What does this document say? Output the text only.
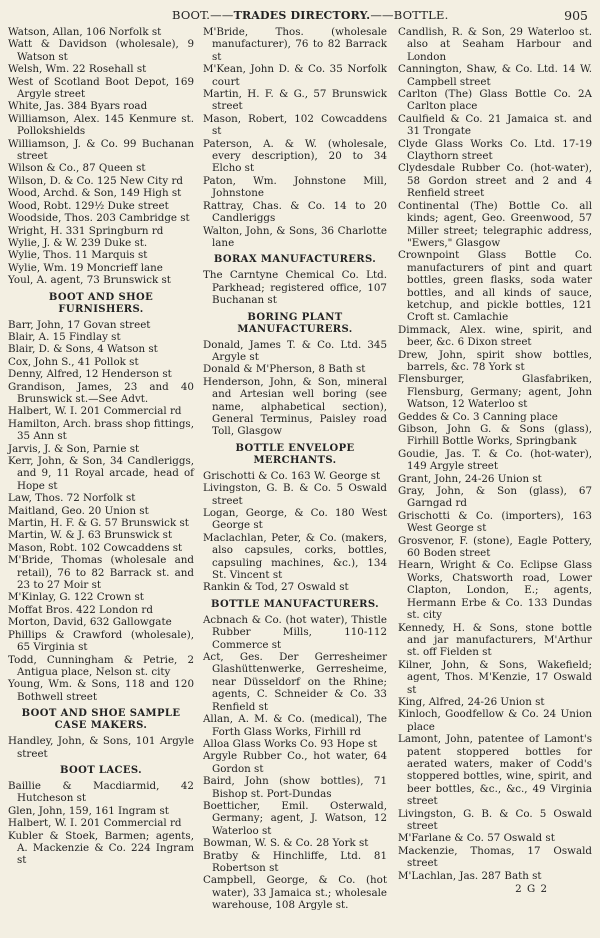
BOOT.——TRADES DIRECTORY.——BOTTLE.	905
Watson, Allan, 106 Norfolk st
Watt & Davidson (wholesale), 9 Watson st
Welsh, Wm. 22 Rosehall st
West of Scotland Boot Depot, 169 Argyle street
White, Jas. 384 Byars road
Williamson, Alex. 145 Kenmure st. Pollokshields
Williamson, J. & Co. 99 Buchanan street
Wilson & Co., 87 Queen st
Wilson, D. & Co. 125 New City rd
Wood, Archd. & Son, 149 High st
Wood, Robt. 129½ Duke street
Woodside, Thos. 203 Cambridge st
Wright, H. 331 Springburn rd
Wylie, J. & W. 239 Duke st.
Wylie, Thos. 11 Marquis st
Wylie, Wm. 19 Moncrieff lane
Youl, A. agent, 73 Brunswick st
BOOT AND SHOE FURNISHERS.
Barr, John, 17 Govan street
Blair, A. 15 Findlay st
Blair, D. & Sons, 4 Watson st
Cox, John S., 41 Pollok st
Denny, Alfred, 12 Henderson st
Grandison, James, 23 and 40 Brunswick st.—See Advt.
Halbert, W. I. 201 Commercial rd
Hamilton, Arch. brass shop fittings, 35 Ann st
Jarvis, J. & Son, Parnie st
Kerr, John, & Son, 34 Candleriggs, and 9, 11 Royal arcade, head of Hope st
Law, Thos. 72 Norfolk st
Maitland, Geo. 20 Union st
Martin, H. F. & G. 57 Brunswick st
Martin, W. & J. 63 Brunswick st
Mason, Robt. 102 Cowcaddens st
M'Bride, Thomas (wholesale and retail), 76 to 82 Barrack st. and 23 to 27 Moir st
M'Kinlay, G. 122 Crown st
Moffat Bros. 422 London rd
Morton, David, 632 Gallowgate
Phillips & Crawford (wholesale), 65 Virginia st
Todd, Cunningham & Petrie, 2 Antigua place, Nelson st. city
Young, Wm. & Sons, 118 and 120 Bothwell street
BOOT AND SHOE SAMPLE CASE MAKERS.
Handley, John, & Sons, 101 Argyle street
BOOT LACES.
Baillie & Macdiarmid, 42 Hutcheson st
Glen, John, 159, 161 Ingram st
Halbert, W. I. 201 Commercial rd
Kubler & Stoek, Barmen; agents, A. Mackenzie & Co. 224 Ingram st
M'Bride, Thos. (wholesale manufacturer), 76 to 82 Barrack st
M'Kean, John D. & Co. 35 Norfolk court
Martin, H. F. & G., 57 Brunswick street
Mason, Robert, 102 Cowcaddens st
Paterson, A. & W. (wholesale, every description), 20 to 34 Elcho st
Paton, Wm. Johnstone Mill, Johnstone
Rattray, Chas. & Co. 14 to 20 Candleriggs
Walton, John, & Sons, 36 Charlotte lane
BORAX MANUFACTURERS.
The Carntyne Chemical Co. Ltd. Parkhead; registered office, 107 Buchanan st
BORING PLANT MANUFACTURERS.
Donald, James T. & Co. Ltd. 345 Argyle st
Donald & M'Pherson, 8 Bath st
Henderson, John, & Son, mineral and Artesian well boring (see name, alphabetical section), General Terminus, Paisley road Toll, Glasgow
BOTTLE ENVELOPE MERCHANTS.
Grischotti & Co. 163 W. George st
Livingston, G. B. & Co. 5 Oswald street
Logan, George, & Co. 180 West George st
Maclachlan, Peter, & Co. (makers, also capsules, corks, bottles, capsuling machines, &c.), 134 St. Vincent st
Rankin & Tod, 27 Oswald st
BOTTLE MANUFACTURERS.
Acbnach & Co. (hot water), Thistle Rubber Mills, 110-112 Commerce st
Act, Ges. Der Gerresheimer Glashüttenwerke, Gerresheime, near Düsseldorf on the Rhine; agents, C. Schneider & Co. 33 Renfield st
Allan, A. M. & Co. (medical), The Forth Glass Works, Firhill rd
Alloa Glass Works Co. 93 Hope st
Argyle Rubber Co., hot water, 64 Gordon st
Baird, John (show bottles), 71 Bishop st. Port-Dundas
Boetticher, Emil. Osterwald, Germany; agent, J. Watson, 12 Waterloo st
Bowman, W. S. & Co. 28 York st
Bratby & Hinchliffe, Ltd. 81 Robertson st
Campbell, George, & Co. (hot water), 33 Jamaica st.; wholesale warehouse, 108 Argyle st.
Candlish, R. & Son, 29 Waterloo st. also at Seaham Harbour and London
Cannington, Shaw, & Co. Ltd. 14 W. Campbell street
Carlton (The) Glass Bottle Co. 2A Carlton place
Caulfield & Co. 21 Jamaica st. and 31 Trongate
Clyde Glass Works Co. Ltd. 17-19 Claythorn street
Clydesdale Rubber Co. (hot-water), 58 Gordon street and 2 and 4 Renfield street
Continental (The) Bottle Co. all kinds; agent, Geo. Greenwood, 57 Miller street; telegraphic address, "Ewers," Glasgow
Crownpoint Glass Bottle Co. manufacturers of pint and quart bottles, green flasks, soda water bottles, and all kinds of sauce, ketchup, and pickle bottles, 121 Croft st. Camlachie
Dimmack, Alex. wine, spirit, and beer, &c. 6 Dixon street
Drew, John, spirit show bottles, barrels, &c. 78 York st
Flensburger, Glasfabriken, Flensburg, Germany; agent, John Watson, 12 Waterloo st
Geddes & Co. 3 Canning place
Gibson, John G. & Sons (glass), Firhill Bottle Works, Springbank
Goudie, Jas. T. & Co. (hot-water), 149 Argyle street
Grant, John, 24-26 Union st
Gray, John, & Son (glass), 67 Garngad rd
Grischotti & Co. (importers), 163 West George st
Grosvenor, F. (stone), Eagle Pottery, 60 Boden street
Hearn, Wright & Co. Eclipse Glass Works, Chatsworth road, Lower Clapton, London, E.; agents, Hermann Erbe & Co. 133 Dundas st. city
Kennedy, H. & Sons, stone bottle and jar manufacturers, M'Arthur st. off Fielden st
Kilner, John, & Sons, Wakefield; agent, Thos. M'Kenzie, 17 Oswald st
King, Alfred, 24-26 Union st
Kinloch, Goodfellow & Co. 24 Union place
Lamont, John, patentee of Lamont's patent stoppered bottles for aerated waters, maker of Codd's stoppered bottles, wine, spirit, and beer bottles, &c., &c., 49 Virginia street
Livingston, G. B. & Co. 5 Oswald street
M'Farlane & Co. 57 Oswald st
Mackenzie, Thomas, 17 Oswald street
M'Lachlan, Jas. 287 Bath st
2 G 2
